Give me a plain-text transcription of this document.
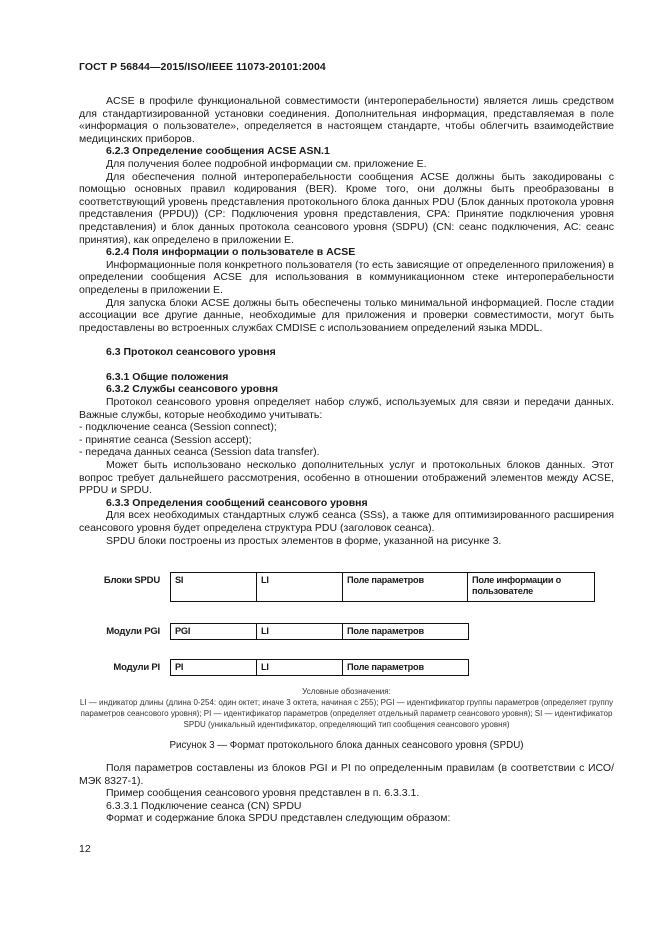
ГОСТ Р 56844—2015/ISO/IEEE 11073-20101:2004

ACSE в профиле функциональной совместимости (интероперабельности) является лишь средством для стандартизированной установки соединения. Дополнительная информация, представляемая в поле «информация о пользователе», определяется в настоящем стандарте, чтобы облегчить взаимодействие медицинских приборов.

6.2.3 Определение сообщения ACSE ASN.1

Для получения более подробной информации см. приложение E.

Для обеспечения полной интероперабельности сообщения ACSE должны быть закодированы с помощью основных правил кодирования (BER). Кроме того, они должны быть преобразованы в соответствующий уровень представления протокольного блока данных PDU (Блок данных протокола уровня представления (PPDU)) (CP: Подключения уровня представления, CPA: Принятие подключения уровня представления) и блок данных протокола сеансового уровня (SDPU) (CN: сеанс подключения, AC: сеанс принятия), как определено в приложении E.

6.2.4 Поля информации о пользователе в ACSE

Информационные поля конкретного пользователя (то есть зависящие от определенного приложения) в определении сообщения ACSE для использования в коммуникационном стеке интероперабельности определены в приложении E.

Для запуска блоки ACSE должны быть обеспечены только минимальной информацией. После стадии ассоциации все другие данные, необходимые для приложения и проверки совместимости, могут быть предоставлены во встроенных службах CMDISE с использованием определений языка MDDL.

6.3 Протокол сеансового уровня

6.3.1 Общие положения

6.3.2 Службы сеансового уровня

Протокол сеансового уровня определяет набор служб, используемых для связи и передачи данных. Важные службы, которые необходимо учитывать:

- подключение сеанса (Session connect);

- принятие сеанса (Session accept);

- передача данных сеанса (Session data transfer).

Может быть использовано несколько дополнительных услуг и протокольных блоков данных. Этот вопрос требует дальнейшего рассмотрения, особенно в отношении отображений элементов между ACSE, PPDU и SPDU.

6.3.3 Определения сообщений сеансового уровня

Для всех необходимых стандартных служб сеанса (SSs), а также для оптимизированного расширения сеансового уровня будет определена структура PDU (заголовок сеанса).

SPDU блоки построены из простых элементов в форме, указанной на рисунке 3.

Блоки SPDU	SI	LI	Поле параметров	Поле информации о пользователе
Модули PGI	PGI	LI	Поле параметров
Модули PI	PI	LI	Поле параметров
Условные обозначения:
LI — индикатор длины (длина 0-254: один октет; иначе 3 октета, начиная с 255); PGI — идентификатор группы параметров (определяет группу параметров сеансового уровня); PI — идентификатор параметров (определяет отдельный параметр сеансового уровня); SI — идентификатор SPDU (уникальный идентификатор, определяющий тип сообщения сеансового уровня)
Рисунок 3 — Формат протокольного блока данных сеансового уровня (SPDU)

Поля параметров составлены из блоков PGI и PI по определенным правилам (в соответствии с ИСО/МЭК 8327-1).

Пример сообщения сеансового уровня представлен в п. 6.3.3.1.

6.3.3.1 Подключение сеанса (CN) SPDU

Формат и содержание блока SPDU представлен следующим образом:

12
